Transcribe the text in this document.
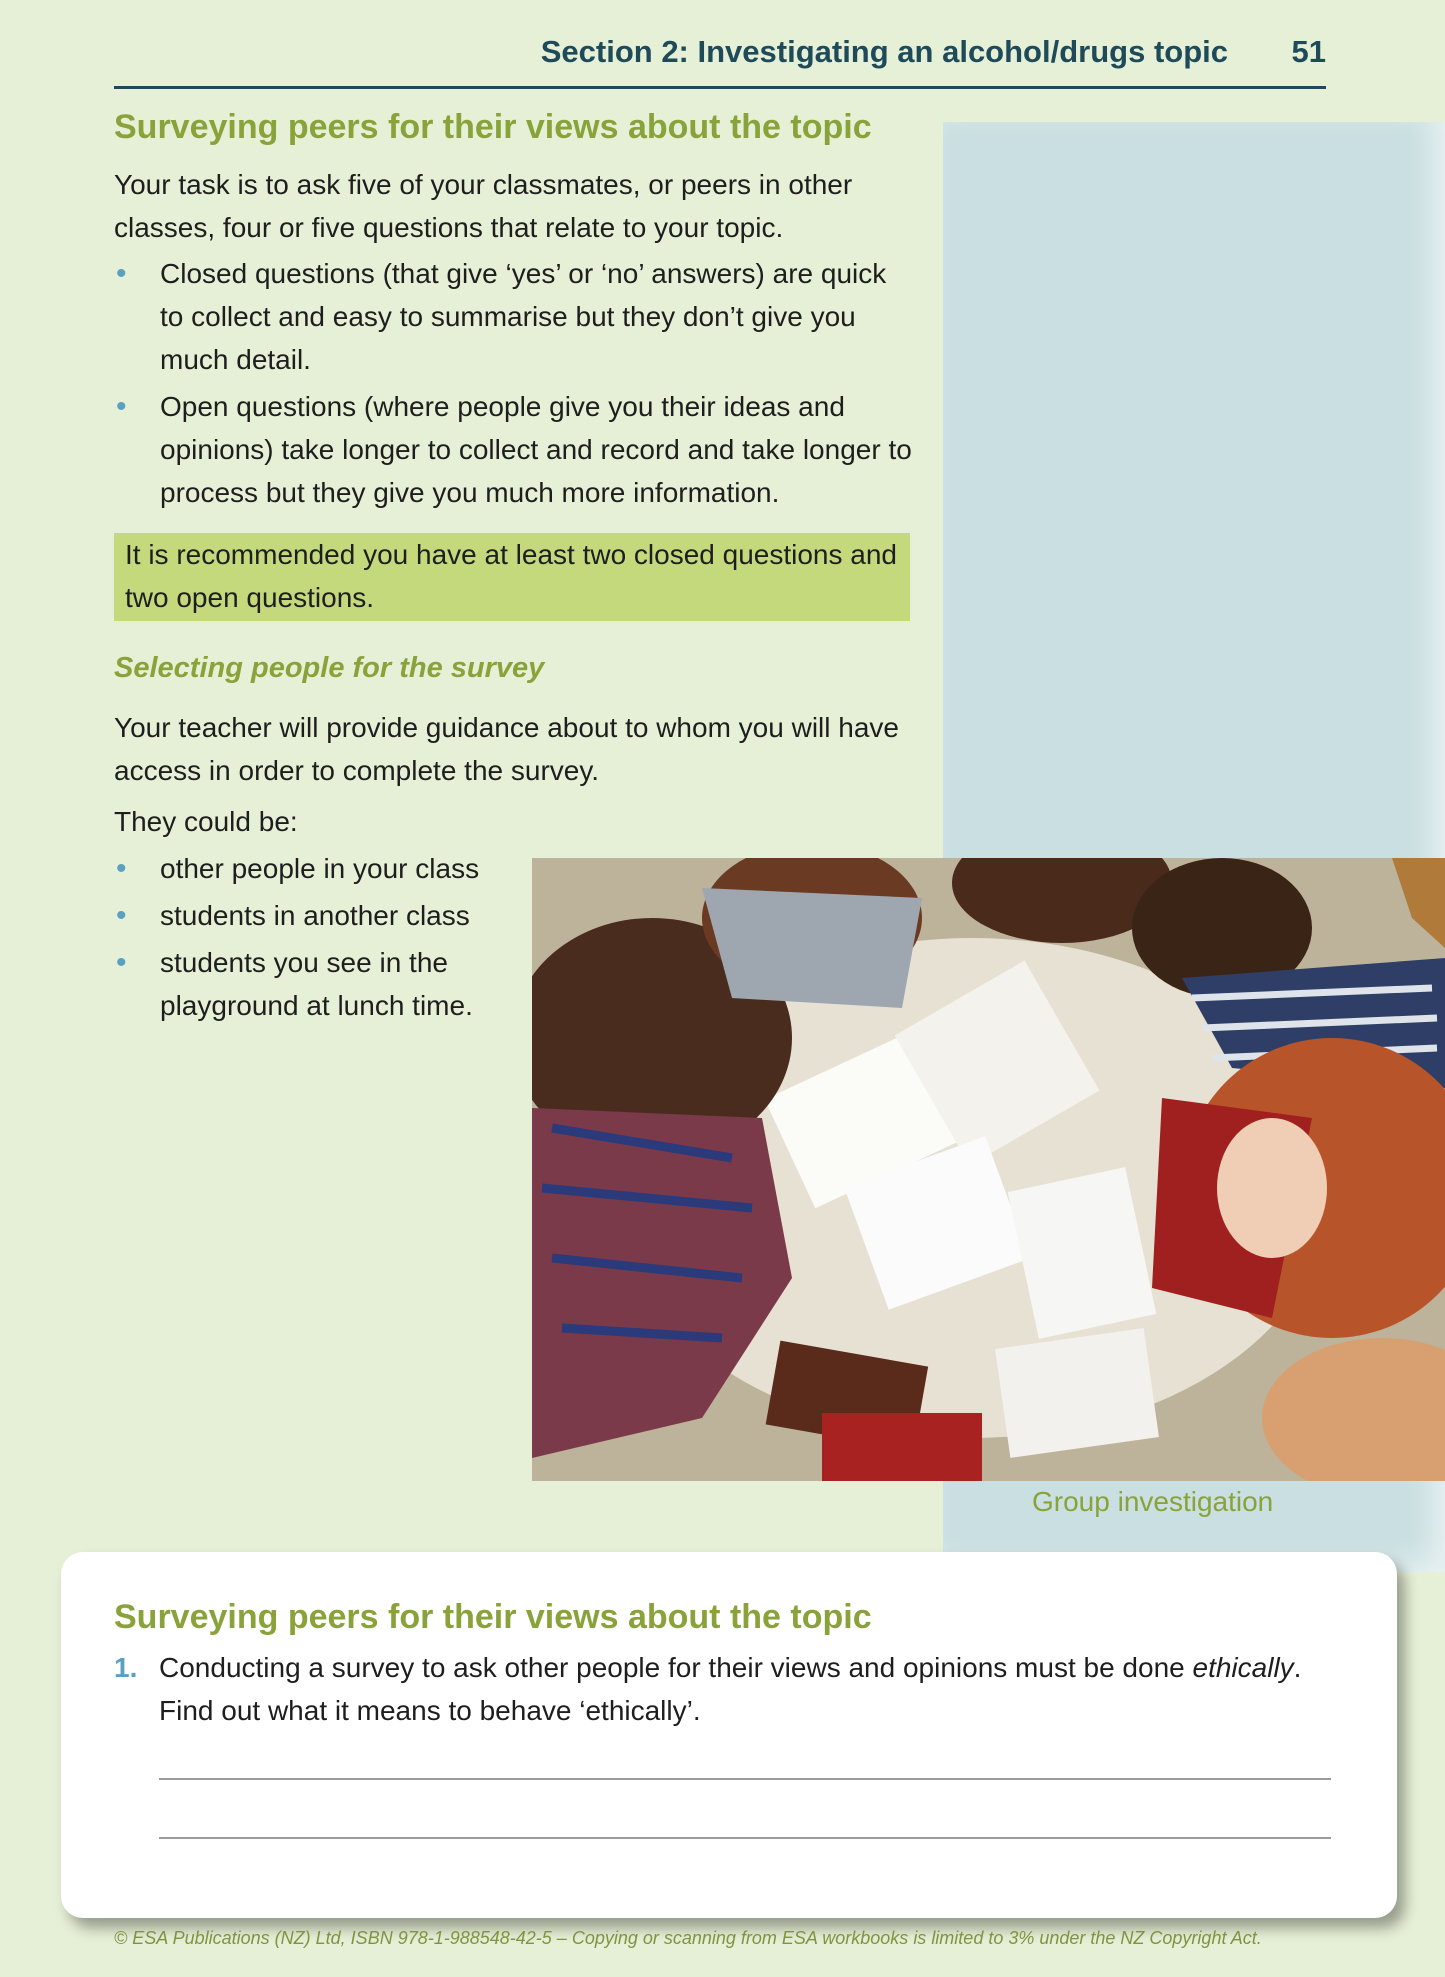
Section 2: Investigating an alcohol/drugs topic 51
Surveying peers for their views about the topic

Your task is to ask five of your classmates, or peers in other classes, four or five questions that relate to your topic.

• Closed questions (that give ‘yes’ or ‘no’ answers) are quick to collect and easy to summarise but they don’t give you much detail.
• Open questions (where people give you their ideas and opinions) take longer to collect and record and take longer to process but they give you much more information.
It is recommended you have at least two closed questions and two open questions.
Selecting people for the survey

Your teacher will provide guidance about to whom you will have access in order to complete the survey.

They could be:

• other people in your class
• students in another class
• students you see in the playground at lunch time.
Group investigation
Surveying peers for their views about the topic
1. Conducting a survey to ask other people for their views and opinions must be done ethically. Find out what it means to behave ‘ethically’.

© ESA Publications (NZ) Ltd, ISBN 978-1-988548-42-5 – Copying or scanning from ESA workbooks is limited to 3% under the NZ Copyright Act.
